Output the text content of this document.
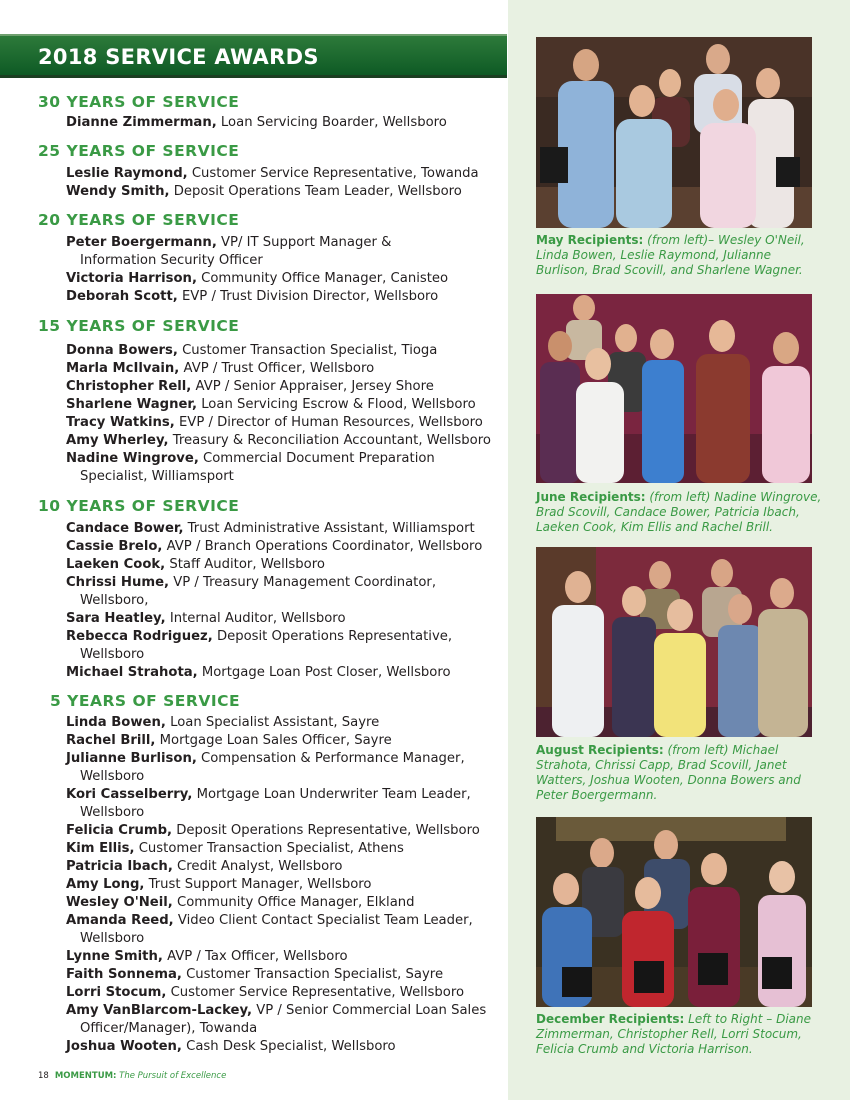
2018 SERVICE AWARDS
30 YEARS OF SERVICE
Dianne Zimmerman, Loan Servicing Boarder, Wellsboro
25 YEARS OF SERVICE
Leslie Raymond, Customer Service Representative, Towanda
Wendy Smith, Deposit Operations Team Leader, Wellsboro
20 YEARS OF SERVICE
Peter Boergermann, VP/ IT Support Manager &
Information Security Officer
Victoria Harrison, Community Office Manager, Canisteo
Deborah Scott, EVP / Trust Division Director, Wellsboro
15 YEARS OF SERVICE
Donna Bowers, Customer Transaction Specialist, Tioga
Marla McIlvain, AVP / Trust Officer, Wellsboro
Christopher Rell, AVP / Senior Appraiser, Jersey Shore
Sharlene Wagner, Loan Servicing Escrow & Flood, Wellsboro
Tracy Watkins, EVP / Director of Human Resources, Wellsboro
Amy Wherley, Treasury & Reconciliation Accountant, Wellsboro
Nadine Wingrove, Commercial Document Preparation
Specialist, Williamsport
10 YEARS OF SERVICE
Candace Bower, Trust Administrative Assistant, Williamsport
Cassie Brelo, AVP / Branch Operations Coordinator, Wellsboro
Laeken Cook, Staff Auditor, Wellsboro
Chrissi Hume, VP / Treasury Management Coordinator,
Wellsboro,
Sara Heatley, Internal Auditor, Wellsboro
Rebecca Rodriguez, Deposit Operations Representative,
Wellsboro
Michael Strahota, Mortgage Loan Post Closer, Wellsboro
5 YEARS OF SERVICE
Linda Bowen, Loan Specialist Assistant, Sayre
Rachel Brill, Mortgage Loan Sales Officer, Sayre
Julianne Burlison, Compensation & Performance Manager,
Wellsboro
Kori Casselberry, Mortgage Loan Underwriter Team Leader,
Wellsboro
Felicia Crumb, Deposit Operations Representative, Wellsboro
Kim Ellis, Customer Transaction Specialist, Athens
Patricia Ibach, Credit Analyst, Wellsboro
Amy Long, Trust Support Manager, Wellsboro
Wesley O'Neil, Community Office Manager, Elkland
Amanda Reed, Video Client Contact Specialist Team Leader,
Wellsboro
Lynne Smith, AVP / Tax Officer, Wellsboro
Faith Sonnema, Customer Transaction Specialist, Sayre
Lorri Stocum, Customer Service Representative, Wellsboro
Amy VanBlarcom-Lackey, VP / Senior Commercial Loan Sales
Officer/Manager), Towanda
Joshua Wooten, Cash Desk Specialist, Wellsboro
May Recipients: (from left)– Wesley O'Neil, Linda Bowen, Leslie Raymond, Julianne Burlison, Brad Scovill, and Sharlene Wagner.
June Recipients: (from left) Nadine Wingrove, Brad Scovill, Candace Bower, Patricia Ibach, Laeken Cook, Kim Ellis and Rachel Brill.
August Recipients: (from left) Michael Strahota, Chrissi Capp, Brad Scovill, Janet Watters, Joshua Wooten, Donna Bowers and Peter Boergermann.
December Recipients: Left to Right – Diane Zimmerman, Christopher Rell, Lorri Stocum, Felicia Crumb and Victoria Harrison.
18 MOMENTUM: The Pursuit of Excellence
